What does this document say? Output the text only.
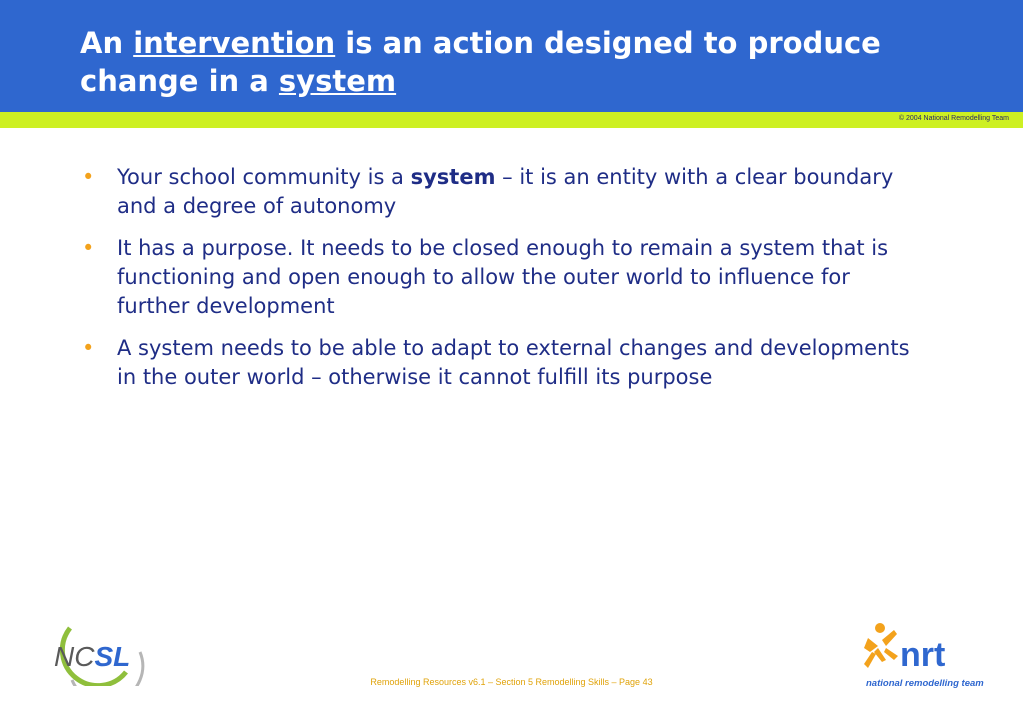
An intervention is an action designed to produce change in a system
© 2004 National Remodelling Team
• Your school community is a system – it is an entity with a clear boundary and a degree of autonomy
• It has a purpose. It needs to be closed enough to remain a system that is functioning and open enough to allow the outer world to influence for further development
• A system needs to be able to adapt to external changes and developments in the outer world – otherwise it cannot fulfill its purpose
NCSL	nrt
national remodelling team
Remodelling Resources v6.1 – Section 5 Remodelling Skills – Page 43
